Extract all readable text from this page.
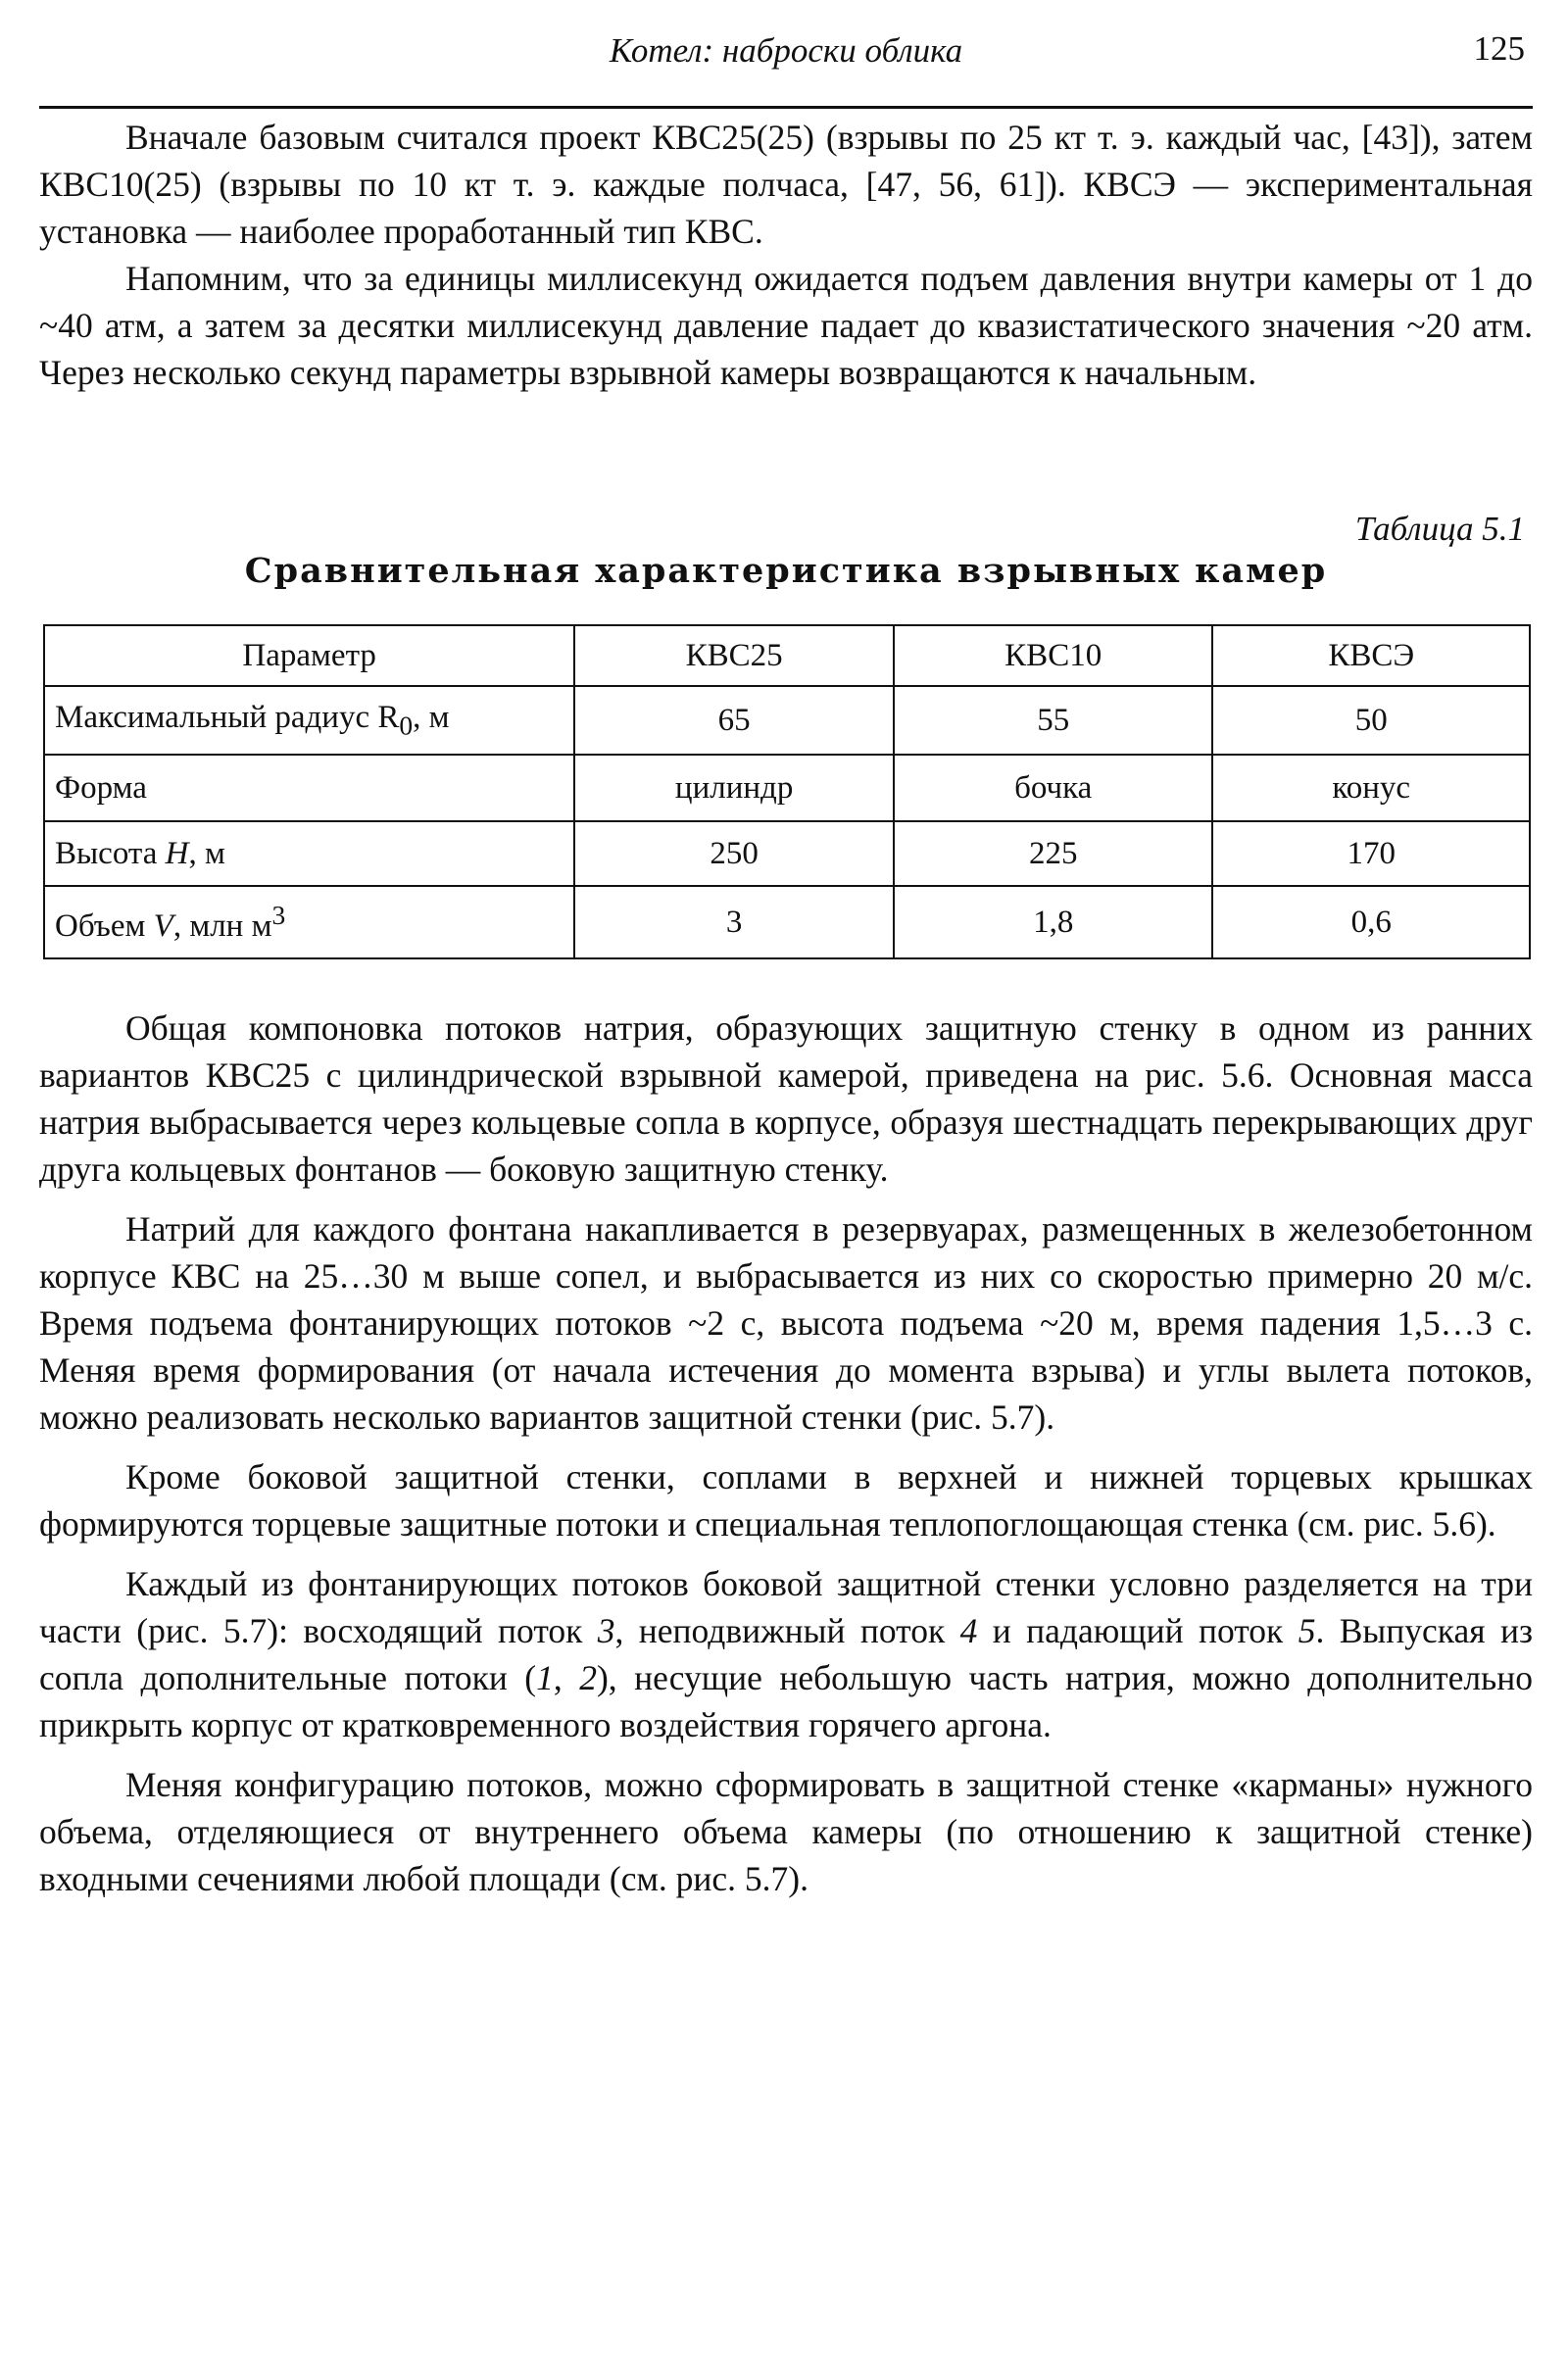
Котел: наброски облика	125

Вначале базовым считался проект КВС25(25) (взрывы по 25 кт т. э. каждый час, [43]), затем КВС10(25) (взрывы по 10 кт т. э. каждые полчаса, [47, 56, 61]). КВСЭ — экспериментальная установка — наиболее проработанный тип КВС.

Напомним, что за единицы миллисекунд ожидается подъем давления внутри камеры от 1 до ~40 атм, а затем за десятки миллисекунд давление падает до квазистатического значения ~20 атм. Через несколько секунд параметры взрывной камеры возвращаются к начальным.

Таблица 5.1
Сравнительная характеристика взрывных камер
Параметр	КВС25	КВС10	КВСЭ
Максимальный радиус $R_0$, м	65	55	50
Форма	цилиндр	бочка	конус
Высота H, м	250	225	170
Объем V, млн $м^3$	3	1,8	0,6

Общая компоновка потоков натрия, образующих защитную стенку в одном из ранних вариантов КВС25 с цилиндрической взрывной камерой, приведена на рис. 5.6. Основная масса натрия выбрасывается через кольцевые сопла в корпусе, образуя шестнадцать перекрывающих друг друга кольцевых фонтанов — боковую защитную стенку.

Натрий для каждого фонтана накапливается в резервуарах, размещенных в железобетонном корпусе КВС на 25…30 м выше сопел, и выбрасывается из них со скоростью примерно 20 м/с. Время подъема фонтанирующих потоков ~2 с, высота подъема ~20 м, время падения 1,5…3 с. Меняя время формирования (от начала истечения до момента взрыва) и углы вылета потоков, можно реализовать несколько вариантов защитной стенки (рис. 5.7).

Кроме боковой защитной стенки, соплами в верхней и нижней торцевых крышках формируются торцевые защитные потоки и специальная теплопоглощающая стенка (см. рис. 5.6).

Каждый из фонтанирующих потоков боковой защитной стенки условно разделяется на три части (рис. 5.7): восходящий поток 3, неподвижный поток 4 и падающий поток 5. Выпуская из сопла дополнительные потоки (1, 2), несущие небольшую часть натрия, можно дополнительно прикрыть корпус от кратковременного воздействия горячего аргона.

Меняя конфигурацию потоков, можно сформировать в защитной стенке «карманы» нужного объема, отделяющиеся от внутреннего объема камеры (по отношению к защитной стенке) входными сечениями любой площади (см. рис. 5.7).
